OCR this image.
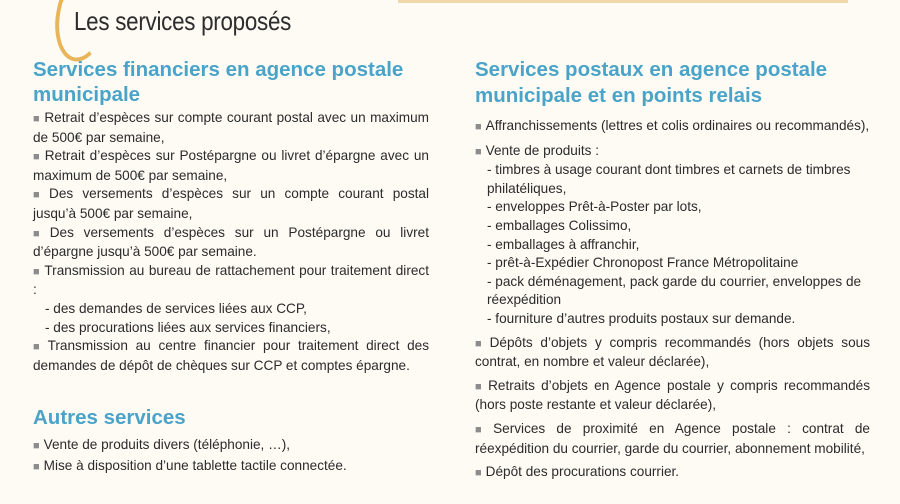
Les services proposés
Services financiers en agence postale municipale
■ Retrait d’espèces sur compte courant postal avec un maximum de 500€ par semaine,
■ Retrait d’espèces sur Postépargne ou livret d’épargne avec un maximum de 500€ par semaine,
■ Des versements d’espèces sur un compte courant postal jusqu’à 500€ par semaine,
■ Des versements d’espèces sur un Postépargne ou livret d’épargne jusqu’à 500€ par semaine.
■ Transmission au bureau de rattachement pour traitement direct :
- des demandes de services liées aux CCP,
- des procurations liées aux services financiers,
■ Transmission au centre financier pour traitement direct des demandes de dépôt de chèques sur CCP et comptes épargne.
Autres services
■ Vente de produits divers (téléphonie, …),
■ Mise à disposition d’une tablette tactile connectée.
Services postaux en agence postale municipale et en points relais
■ Affranchissements (lettres et colis ordinaires ou recommandés),
■ Vente de produits :
- timbres à usage courant dont timbres et carnets de timbres philatéliques,
- enveloppes Prêt-à-Poster par lots,
- emballages Colissimo,
- emballages à affranchir,
- prêt-à-Expédier Chronopost France Métropolitaine
- pack déménagement, pack garde du courrier, enveloppes de réexpédition
- fourniture d’autres produits postaux sur demande.
■ Dépôts d’objets y compris recommandés (hors objets sous contrat, en nombre et valeur déclarée),
■ Retraits d’objets en Agence postale y compris recommandés (hors poste restante et valeur déclarée),
■ Services de proximité en Agence postale : contrat de réexpédition du courrier, garde du courrier, abonnement mobilité,
■ Dépôt des procurations courrier.
